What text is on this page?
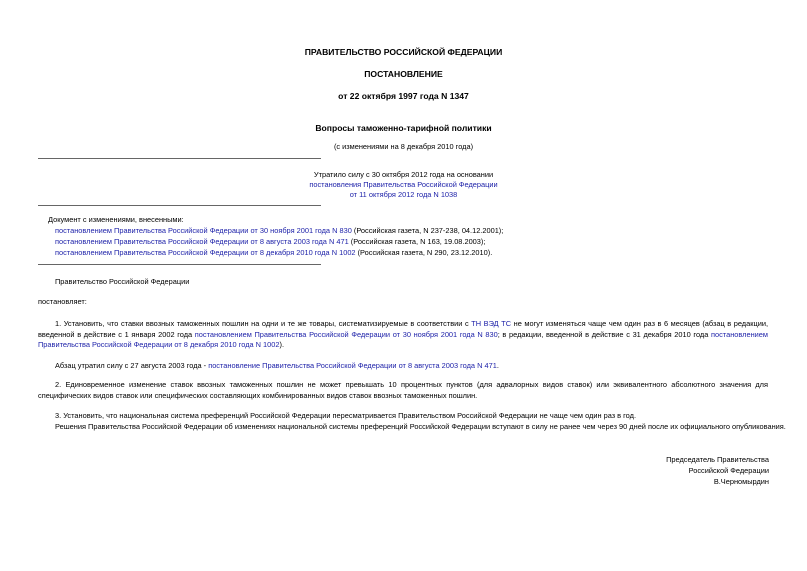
ПРАВИТЕЛЬСТВО РОССИЙСКОЙ ФЕДЕРАЦИИ
ПОСТАНОВЛЕНИЕ
от 22 октября 1997 года N 1347
Вопросы таможенно-тарифной политики
(с изменениями на 8 декабря 2010 года)
Утратило силу с 30 октября 2012 года на основании
постановления Правительства Российской Федерации
от 11 октября 2012 года N 1038
Документ с изменениями, внесенными:
постановлением Правительства Российской Федерации от 30 ноября 2001 года N 830 (Российская газета, N 237-238, 04.12.2001);
постановлением Правительства Российской Федерации от 8 августа 2003 года N 471 (Российская газета, N 163, 19.08.2003);
постановлением Правительства Российской Федерации от 8 декабря 2010 года N 1002 (Российская газета, N 290, 23.12.2010).
Правительство Российской Федерации
постановляет:
1. Установить, что ставки ввозных таможенных пошлин на одни и те же товары, систематизируемые в соответствии с ТН ВЭД ТС не могут изменяться чаще чем один раз в 6 месяцев (абзац в редакции, введенной в действие с 1 января 2002 года постановлением Правительства Российской Федерации от 30 ноября 2001 года N 830; в редакции, введенной в действие с 31 декабря 2010 года постановлением Правительства Российской Федерации от 8 декабря 2010 года N 1002).
Абзац утратил силу с 27 августа 2003 года - постановление Правительства Российской Федерации от 8 августа 2003 года N 471.
2. Единовременное изменение ставок ввозных таможенных пошлин не может превышать 10 процентных пунктов (для адвалорных видов ставок) или эквивалентного абсолютного значения для специфических видов ставок или специфических составляющих комбинированных видов ставок ввозных таможенных пошлин.
3. Установить, что национальная система преференций Российской Федерации пересматривается Правительством Российской Федерации не чаще чем один раз в год.
Решения Правительства Российской Федерации об изменениях национальной системы преференций Российской Федерации вступают в силу не ранее чем через 90 дней после их официального опубликования.
Председатель Правительства
Российской Федерации
В.Черномырдин
